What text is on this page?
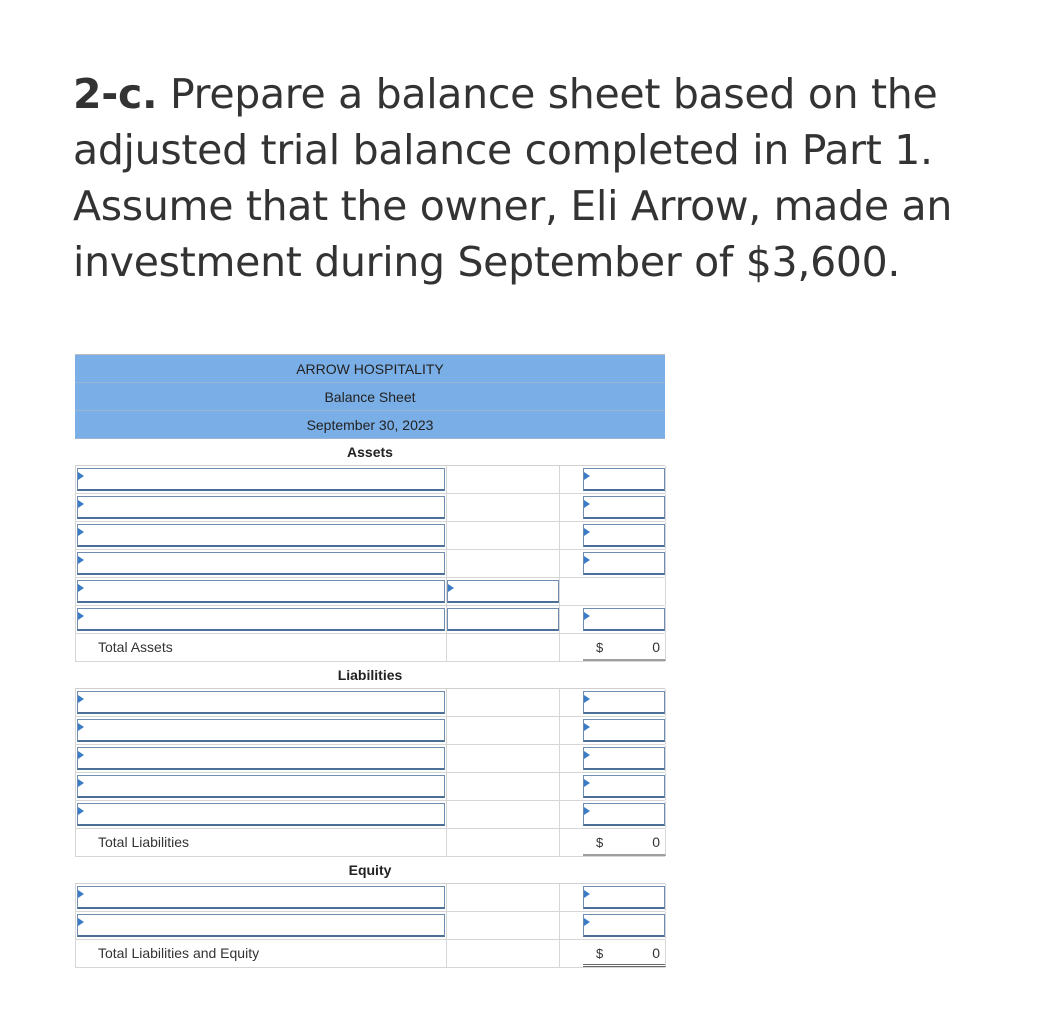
2-c. Prepare a balance sheet based on the adjusted trial balance completed in Part 1. Assume that the owner, Eli Arrow, made an investment during September of $3,600.
ARROW HOSPITALITY
Balance Sheet
September 30, 2023
Assets
Total Assets	$	0
Liabilities
Total Liabilities	$	0
Equity
Total Liabilities and Equity	$	0
